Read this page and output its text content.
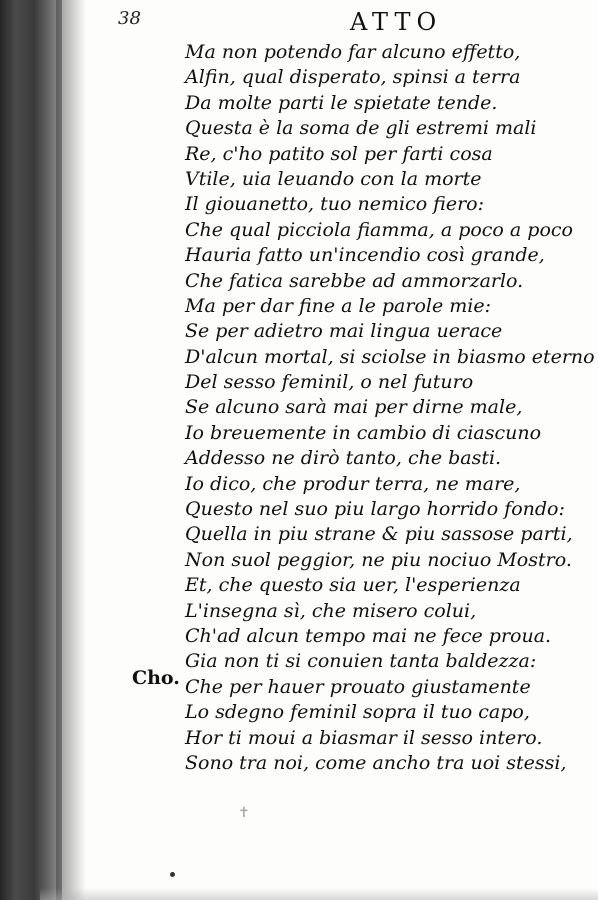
38	ATTO
Cho.
Ma non potendo far alcuno effetto,
Alfin, qual disperato, spinsi a terra
Da molte parti le spietate tende.
Questa è la soma de gli estremi mali
Re, c'ho patito sol per farti cosa
Vtile, uia leuando con la morte
Il giouanetto, tuo nemico fiero:
Che qual picciola fiamma, a poco a poco
Hauria fatto un'incendio così grande,
Che fatica sarebbe ad ammorzarlo.
Ma per dar fine a le parole mie:
Se per adietro mai lingua uerace
D'alcun mortal, si sciolse in biasmo eterno
Del sesso feminil, o nel futuro
Se alcuno sarà mai per dirne male,
Io breuemente in cambio di ciascuno
Addesso ne dirò tanto, che basti.
Io dico, che produr terra, ne mare,
Questo nel suo piu largo horrido fondo:
Quella in piu strane & piu sassose parti,
Non suol peggior, ne piu nociuo Mostro.
Et, che questo sia uer, l'esperienza
L'insegna sì, che misero colui,
Ch'ad alcun tempo mai ne fece proua.
Gia non ti si conuien tanta baldezza:
Che per hauer prouato giustamente
Lo sdegno feminil sopra il tuo capo,
Hor ti moui a biasmar il sesso intero.
Sono tra noi, come ancho tra uoi stessi,
✝
